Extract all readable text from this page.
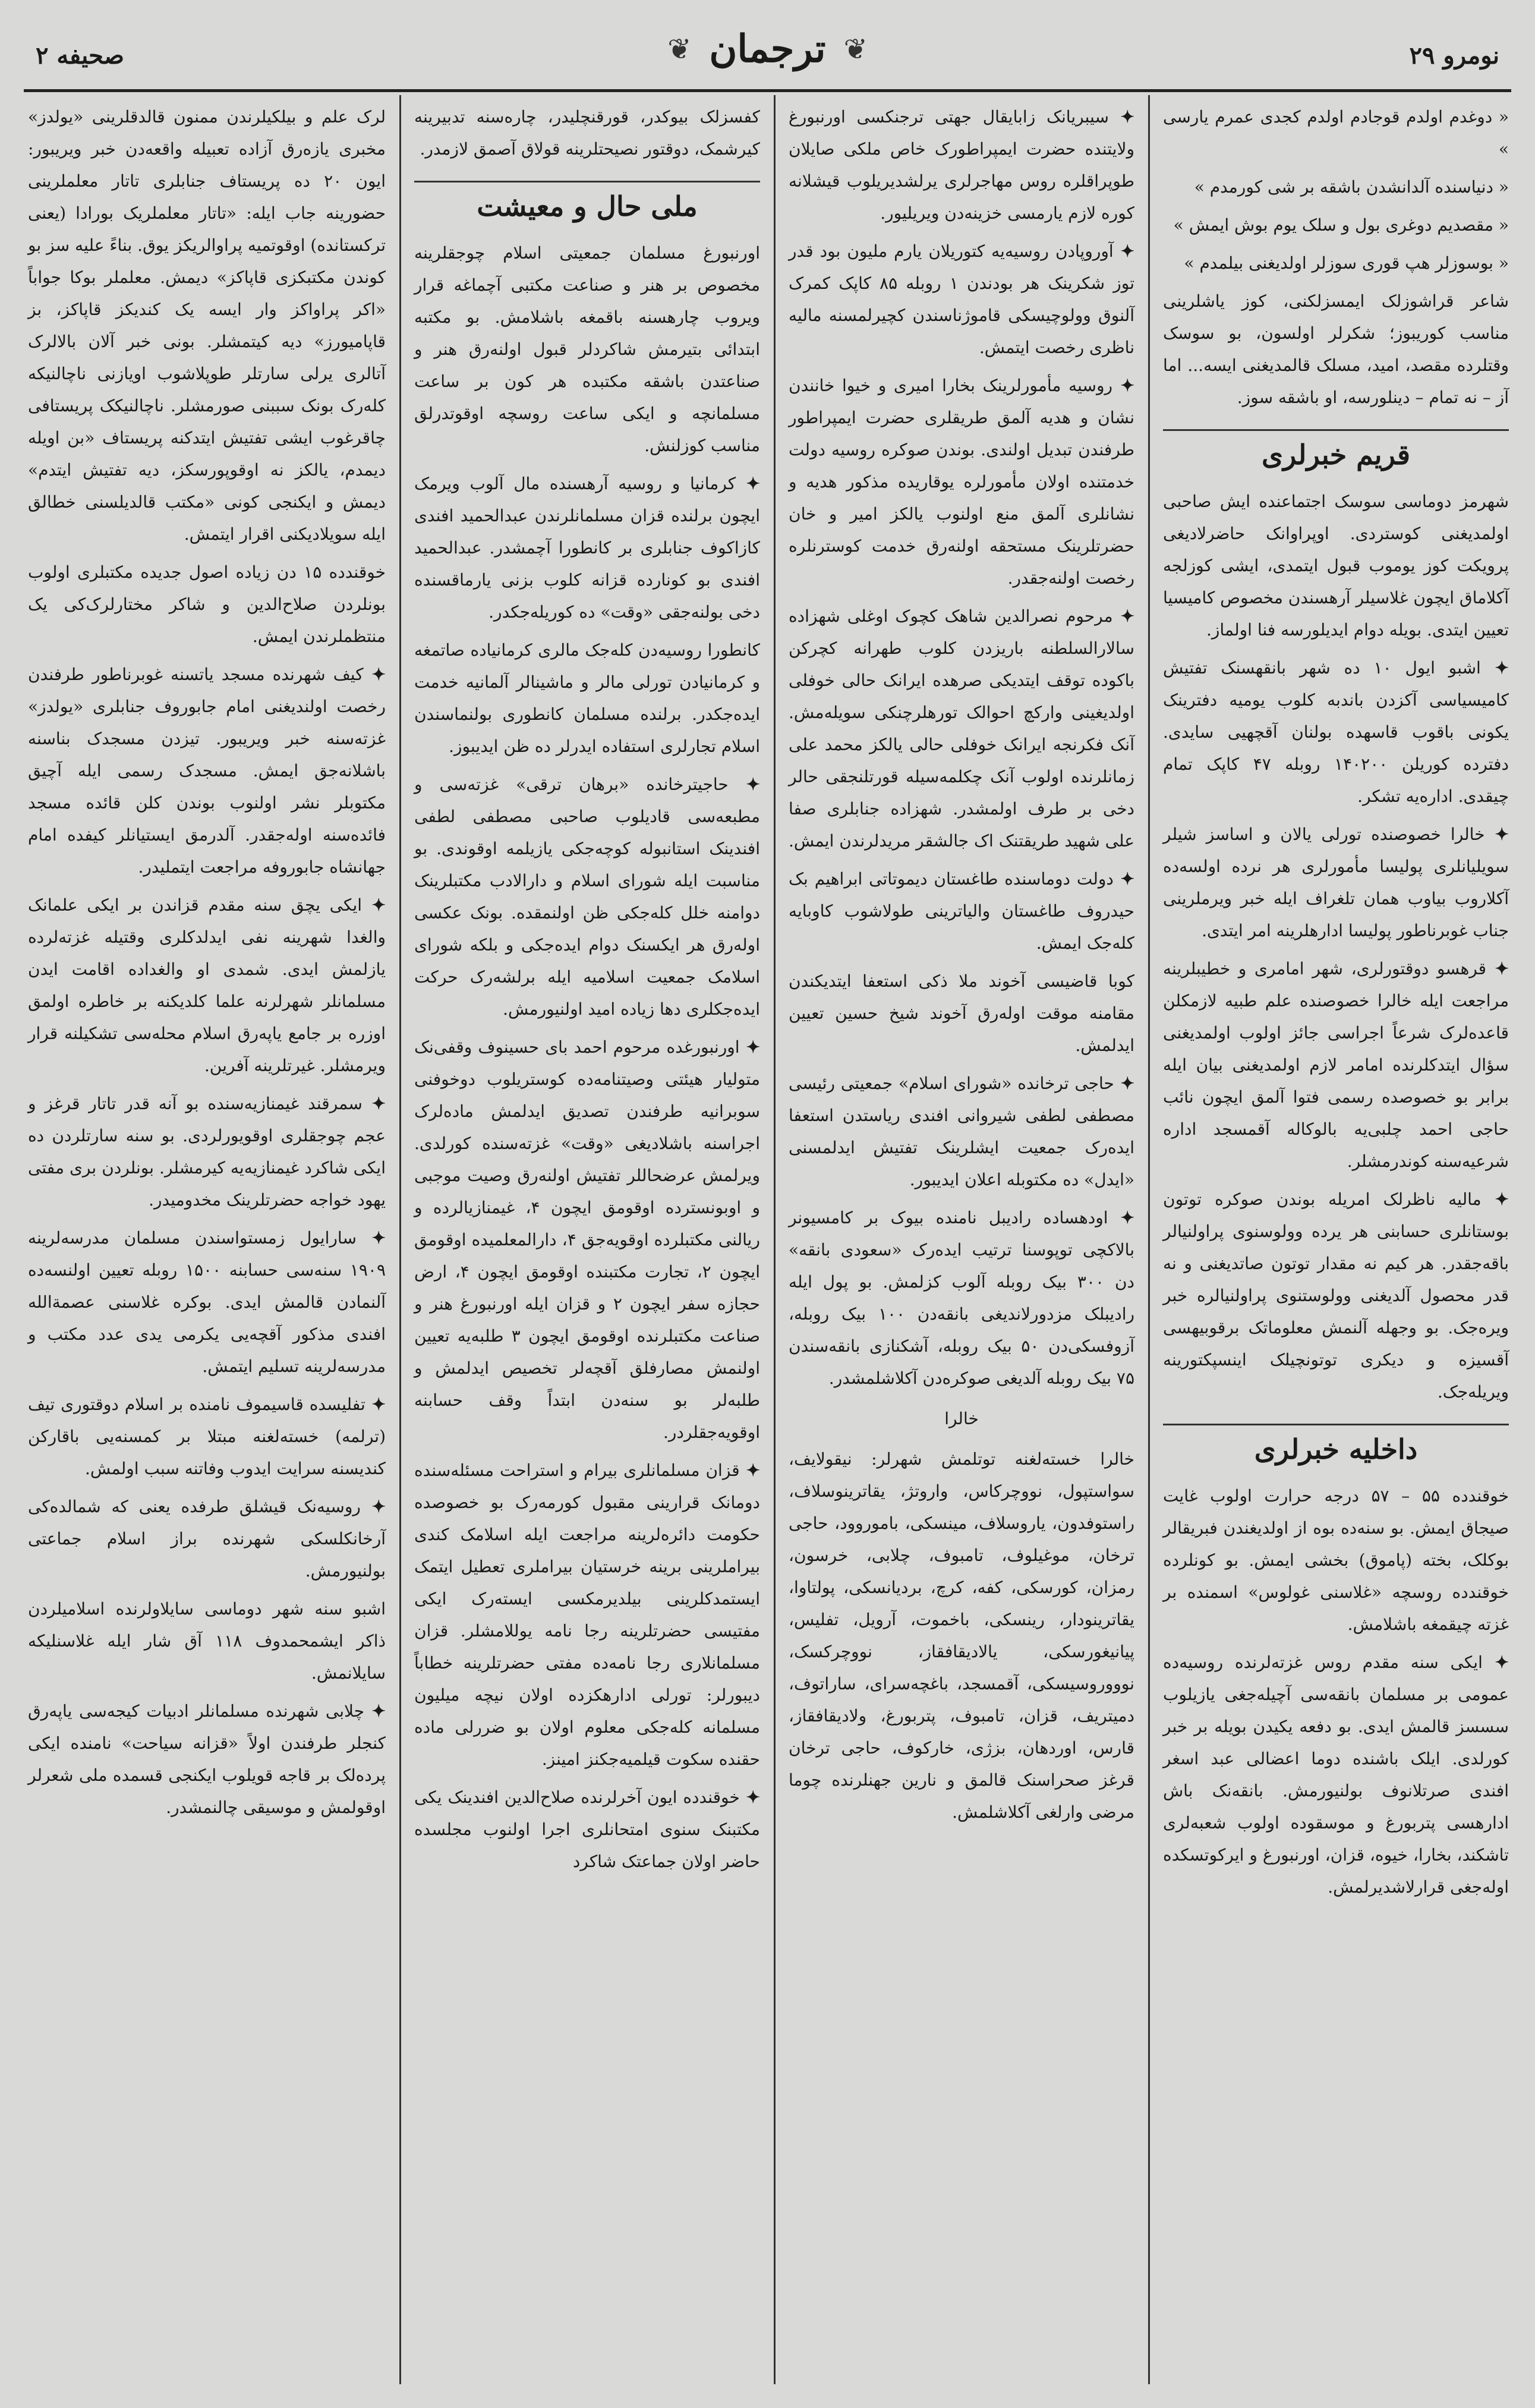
نومرو ۲۹
❦
ترجمان
❦
صحیفه ۲

« دوغدم اولدم قوجادم اولدم کجدی عمرم یارسی »

« دنیاسنده آلدانشدن باشقه بر شی کورمدم »

« مقصدیم دوغری بول و سلک یوم بوش ایمش »

« بوسوزلر هپ قوری سوزلر اولدیغنی بیلمدم »

شاعر قراشوزلک ایمسزلکنی، کوز یاشلرینی مناسب کوریبوز؛ شکرلر اولسون، بو سوسک وقتلرده مقصد، امید، مسلک قالمدیغنی ایسه... اما آز – نه تمام – دینلورسه، او باشقه سوز.

قریم خبرلری

شهرمز دوماسی سوسک اجتماعنده ایش صاحبی اولمدیغنی کوستردی. اوپراوانک حاضرلادیغی پرویکت کوز یوموب قبول ایتمدی، ایشی کوزلجه آکلاماق ایچون غلاسیلر آرهسندن مخصوص کامیسیا تعیین ایتدی. بویله دوام ایدیلورسه فنا اولماز.

✦ اشبو ایول ۱۰ ده شهر بانقهسنک تفتیش کامیسیاسی آکزدن باندبه کلوب یومیه دفترینک یکونی باقوب قاسهده بولنان آقچهیی سایدی. دفترده کوریلن ۱۴۰۲۰۰ روبله ۴۷ کاپک تمام چیقدی. اداره‌یه تشکر.

✦ خالرا خصوصنده تورلی یالان و اساسز شیلر سویلیانلری پولیسا مأمورلری هر نرده اولسه‌ده آکلاروب بیاوب همان تلغراف ایله خبر ویرملرینی جناب غوبرناطور پولیسا ادارهلرینه امر ایتدی.

✦ قرهسو دوقتورلری، شهر امامری و خطیبلرینه مراجعت ایله خالرا خصوصنده علم طبیه لازمکلن قاعده‌لرک شرعاً اجراسی جائز اولوب اولمدیغنی سؤال ایتدکلرنده امامر لازم اولمدیغنی بیان ایله برابر بو خصوصده رسمی فتوا آلمق ایچون نائب حاجی احمد چلبی‌یه بالوکاله آقمسجد اداره شرعیه‌سنه کوندرمشلر.

✦ مالیه ناظرلک امریله بوندن صوکره توتون بوستانلری حسابنی هر یرده وولوسنوی پراولنیالر باقه‌جقدر. هر کیم نه مقدار توتون صاتدیغنی و نه قدر محصول آلدیغنی وولوستنوی پراولنیالره خبر ویره‌جک. بو وجهله آلنمش معلوماتک برقوبیهسی آقسیزه و دیکری توتونچیلک اینسپکتورینه ویریله‌جک.

داخلیه خبرلری

خوقندده ۵۵ – ۵۷ درجه حرارت اولوب غایت صیجاق ایمش. بو سنه‌ده بوه از اولدیغندن فبریقالر بوکلک، بخته (پاموق) بخشی ایمش. بو کونلرده خوقندده روسچه «غلاسنی غولوس» اسمنده بر غزته چیقمغه باشلامش.

✦ ایکی سنه مقدم روس غزته‌لرنده روسیه‌ده عمومی بر مسلمان بانقه‌سی آچیله‌جغی یازیلوب سسسز قالمش ایدی. بو دفعه یکیدن بویله بر خبر کورلدی. ایلک باشنده دوما اعضالی عبد اسغر افندی صرتلانوف بولنیورمش. بانقه‌نک باش ادارهسی پتربورغ و موسقوده اولوب شعبه‌لری تاشکند، بخارا، خیوه، قزان، اورنبورغ و ایرکوتسکده اوله‌جغی قرارلاشدیرلمش.

✦ سیبریانک زابایقال جهتی ترجنکسی اورنبورغ ولایتنده حضرت ایمپراطورک خاص ملکی صایلان طوپراقلره روس مهاجرلری یرلشدیریلوب قیشلانه کوره لازم یارمسی خزینه‌دن ویریلیور.

✦ آوروپادن روسیه‌یه کتوریلان یارم ملیون بود قدر توز شکرینک هر بودندن ۱ روبله ۸۵ کاپک کمرک آلنوق وولوچیسکی قاموژناسندن کچیرلمسنه مالیه ناظری رخصت ایتمش.

✦ روسیه مأمورلرینک بخارا امیری و خیوا خانندن نشان و هدیه آلمق طریقلری حضرت ایمپراطور طرفندن تبدیل اولندی. بوندن صوکره روسیه دولت خدمتنده اولان مأمورلره یوقاریده مذکور هدیه و نشانلری آلمق منع اولنوب یالکز امیر و خان حضرتلرینک مستحقه اولنه‌رق خدمت کوسترنلره رخصت اولنه‌جقدر.

✦ مرحوم نصرالدین شاهک کچوک اوغلی شهزاده سالارالسلطنه باریزدن کلوب طهرانه کچرکن باکوده توقف ایتدیکی صرهده ایرانک حالی خوفلی اولدیغینی وارکچ احوالک تورهلرچنکی سویله‌مش. آنک فکرنجه ایرانک خوفلی حالی یالکز محمد علی زمانلرنده اولوب آنک چکلمه‌سیله قورتلنجقی حالر دخی بر طرف اولمشدر. شهزاده جنابلری صفا علی شهید طریقتنک اک جالشقر مریدلرندن ایمش.

✦ دولت دوماسنده طاغستان دیموتاتی ابراهیم بک حیدروف طاغستان والیاترینی طولاشوب کاوبایه کله‌جک ایمش.

کوبا قاضیسی آخوند ملا ذکی استعفا ایتدیکندن مقامنه موقت اوله‌رق آخوند شیخ حسین تعیین ایدلمش.

✦ حاجی ترخانده «شورای اسلام» جمعیتی رئیسی مصطفی لطفی شیروانی افندی ریاستدن استعفا ایده‌رک جمعیت ایشلرینک تفتیش ایدلمسنی «ایدل» ده مکتوبله اعلان ایدیبور.

✦ اودهساده رادیبل نامنده بیوک بر کامسیونر بالاکچی توپوسنا ترتیب ایده‌رک «سعودی بانقه» دن ۳۰۰ بیک روبله آلوب کزلمش. بو پول ایله رادیبلک مزدورلاندیغی بانقه‌دن ۱۰۰ بیک روبله، آزوفسکی‌دن ۵۰ بیک روبله، آشکنازی بانقه‌سندن ۷۵ بیک روبله آلدیغی صوکره‌دن آکلاشلمشدر.

خالرا

خالرا خسته‌لغنه توتلمش شهرلر: نیقولایف، سواستپول، نووچرکاس، واروتژ، یقاترینوسلاف، راستوفدون، یاروسلاف، مینسکی، باموروود، حاجی ترخان، موغیلوف، تامبوف، چلابی، خرسون، رمزان، کورسکی، کفه، کرچ، بردیانسکی، پولتاوا، یقاترینودار، رینسکی، باخموت، آرویل، تفلیس، پیانیغورسکی، یالادیقافقاز، نووچرکسک، نوووروسیسکی، آقمسجد، باغچه‌سرای، ساراتوف، دمیتریف، قزان، تامبوف، پتربورغ، ولادیقافقاز، قارس، اوردهان، بزژی، خارکوف، حاجی ترخان قرغز صحراسنک قالمق و نارین جهنلرنده چوما مرضی وارلغی آکلاشلمش.

کفسزلک بیوکدر، قورقنچلیدر، چاره‌سنه تدبیرینه کیرشمک، دوقتور نصیحتلرینه قولاق آصمق لازمدر.

ملی حال و معیشت

اورنبورغ مسلمان جمعیتی اسلام چوجقلرینه مخصوص بر هنر و صناعت مکتبی آچماغه قرار ویروب چارهسنه باقمغه باشلامش. بو مکتبه ابتدائی بتیرمش شاکردلر قبول اولنه‌رق هنر و صناعتدن باشقه مکتبده هر کون بر ساعت مسلمانچه و ایکی ساعت روسچه اوقوتدرلق مناسب کوزلنش.

✦ کرمانیا و روسیه آرهسنده مال آلوب ویرمک ایچون برلنده قزان مسلمانلرندن عبدالحمید افندی کازاکوف جنابلری بر کانطورا آچمشدر. عبدالحمید افندی بو کونارده قزانه کلوب بزنی یارماقسنده دخی بولنه‌جقی «وقت» ده کوریله‌جکدر.

کانطورا روسیه‌دن کله‌جک مالری کرمانیاده صاتمغه و کرمانیادن تورلی مالر و ماشینالر آلمانیه خدمت ایده‌جکدر. برلنده مسلمان کانطوری بولنماسندن اسلام تجارلری استفاده ایدرلر ده ظن ایدیبوز.

✦ حاجیترخانده «برهان ترقی» غزته‌سی و مطبعه‌سی قادیلوب صاحبی مصطفی لطفی افندینک استانبوله کوچه‌جکی یازیلمه اوقوندی. بو مناسبت ایله شورای اسلام و دارالادب مکتبلرینک دوامنه خلل کله‌جکی ظن اولنمقده. بونک عکسی اوله‌رق هر ایکسنک دوام ایده‌جکی و بلکه شورای اسلامک جمعیت اسلامیه ایله برلشه‌رک حرکت ایده‌جکلری دها زیاده امید اولنیورمش.

✦ اورنبورغده مرحوم احمد بای حسینوف وقفی‌نک متولیار هیئتی وصیتنامه‌ده کوستریلوب دوخوفنی سوبرانیه طرفندن تصدیق ایدلمش ماده‌لرک اجراسنه باشلادیغی «وقت» غزته‌سنده کورلدی. ویرلمش عرضحاللر تفتیش اولنه‌رق وصیت موجبی و اوبونسترده اوقومق ایچون ۴، غیمنازیالرده و ریالنی مکتبلرده اوقویه‌جق ۴، دارالمعلمیده اوقومق ایچون ۲، تجارت مکتبنده اوقومق ایچون ۴، ارض حجازه سفر ایچون ۲ و قزان ایله اورنبورغ هنر و صناعت مکتبلرنده اوقومق ایچون ۳ طلبه‌یه تعیین اولنمش مصارفلق آقچه‌لر تخصیص ایدلمش و طلبه‌لر بو سنه‌دن ابتداً وقف حسابنه اوقویه‌جقلردر.

✦ قزان مسلمانلری بیرام و استراحت مسئله‌سنده دومانک قرارینی مقبول کورمه‌رک بو خصوصده حکومت دائره‌لرینه مراجعت ایله اسلامک کندی بیراملرینی برینه خرستیان بیراملری تعطیل ایتمک ایستمدکلرینی بیلدیرمکسی ایسته‌رک ایکی مفتیسی حضرتلرینه رجا نامه یوللامشلر. قزان مسلمانلاری رجا نامه‌ده مفتی حضرتلرینه خطاباً دیبورلر: تورلی ادارهکزده اولان نیچه میلیون مسلمانه کله‌جکی معلوم اولان بو ضررلی ماده حقنده سکوت قیلمیه‌جکنز امینز.

✦ خوقندده ایون آخرلرنده صلاح‌الدین افندینک یکی مکتبنک سنوی امتحانلری اجرا اولنوب مجلسده حاضر اولان جماعتک شاکرد

لرک علم و بیلکیلرندن ممنون قالدقلرینی «یولدز» مخبری یازه‌رق آزاده تعبیله واقعه‌دن خبر ویریبور: ایون ۲۰ ده پریستاف جنابلری تاتار معلملرینی حضورینه جاب ایله: «تاتار معلملریک بورادا (یعنی ترکستانده) اوقوتمیه پراوالریکز یوق. بناءً علیه سز بو کوندن مکتبکزی قاپاکز» دیمش. معلملر بوکا جواباً «اکر پراواکز وار ایسه یک کندیکز قاپاکز، بز قاپامیورز» دیه کیتمشلر. بونی خبر آلان بالالرک آتالری یرلی سارتلر طوپلاشوب اویازنی ناچالنیکه کله‌رک بونک سببنی صورمشلر. ناچالنیکک پریستافی چاقرغوب ایشی تفتیش ایتدکنه پریستاف «بن اویله دیمدم، یالکز نه اوقوپورسکز، دیه تفتیش ایتدم» دیمش و ایکنجی کونی «مکتب قالدیلسنی خطالق ایله سویلادیکنی اقرار ایتمش.

خوقندده ۱۵ دن زیاده اصول جدیده مکتبلری اولوب بونلردن صلاح‌الدین و شاکر مختارلرک‌کی یک منتظملرندن ایمش.

✦ کیف شهرنده مسجد یاتسنه غوبرناطور طرفندن رخصت اولندیغنی امام جابوروف جنابلری «یولدز» غزته‌سنه خبر ویریبور. تیزدن مسجدک بناسنه باشلانه‌جق ایمش. مسجدک رسمی ایله آچیق مکتوبلر نشر اولنوب بوندن کلن قائده مسجد فائده‌سنه اوله‌جقدر. آلدرمق ایستیانلر کیفده امام جهانشاه جابوروفه مراجعت ایتملیدر.

✦ ایکی یچق سنه مقدم قزاندن بر ایکی علمانک والغدا شهرینه نفی ایدلدکلری وقتیله غزته‌لرده یازلمش ایدی. شمدی او والغداده اقامت ایدن مسلمانلر شهرلرنه علما کلدیکنه بر خاطره اولمق اوزره بر جامع یاپه‌رق اسلام محله‌سی تشکیلنه قرار ویرمشلر. غیرتلرینه آفرین.

✦ سمرقند غیمنازیه‌سنده بو آنه قدر تاتار قرغز و عجم چوجقلری اوقویورلردی. بو سنه سارتلردن ده ایکی شاکرد غیمنازیه‌یه کیرمشلر. بونلردن بری مفتی یهود خواجه حضرتلرینک مخدومیدر.

✦ سارایول زمستواسندن مسلمان مدرسه‌لرینه ۱۹۰۹ سنه‌سی حسابنه ۱۵۰۰ روبله تعیین اولنسه‌ده آلنمادن قالمش ایدی. بوکره غلاسنی عصمةالله افندی مذکور آقچه‌یی یکرمی یدی عدد مکتب و مدرسه‌لرینه تسلیم ایتمش.

✦ تفلیسده قاسیموف نامنده بر اسلام دوقتوری تیف (ترلمه) خسته‌لغنه مبتلا بر کمسنه‌یی باقارکن کندیسنه سرایت ایدوب وفاتنه سبب اولمش.

✦ روسیه‌نک قیشلق طرفده یعنی که شمالده‌کی آرخانکلسکی شهرنده براز اسلام جماعتی بولنیورمش.

اشبو سنه شهر دوماسی سایلاولرنده اسلامیلردن ذاکر ایشمحمدوف ۱۱۸ آق شار ایله غلاسنلیکه سایلانمش.

✦ چلابی شهرنده مسلمانلر ادبیات کیجه‌سی یاپه‌رق کنجلر طرفندن اولاً «قزانه سیاحت» نامنده ایکی پرده‌لک بر قاجه قویلوب ایکنجی قسمده ملی شعرلر اوقولمش و موسیقی چالنمشدر.
